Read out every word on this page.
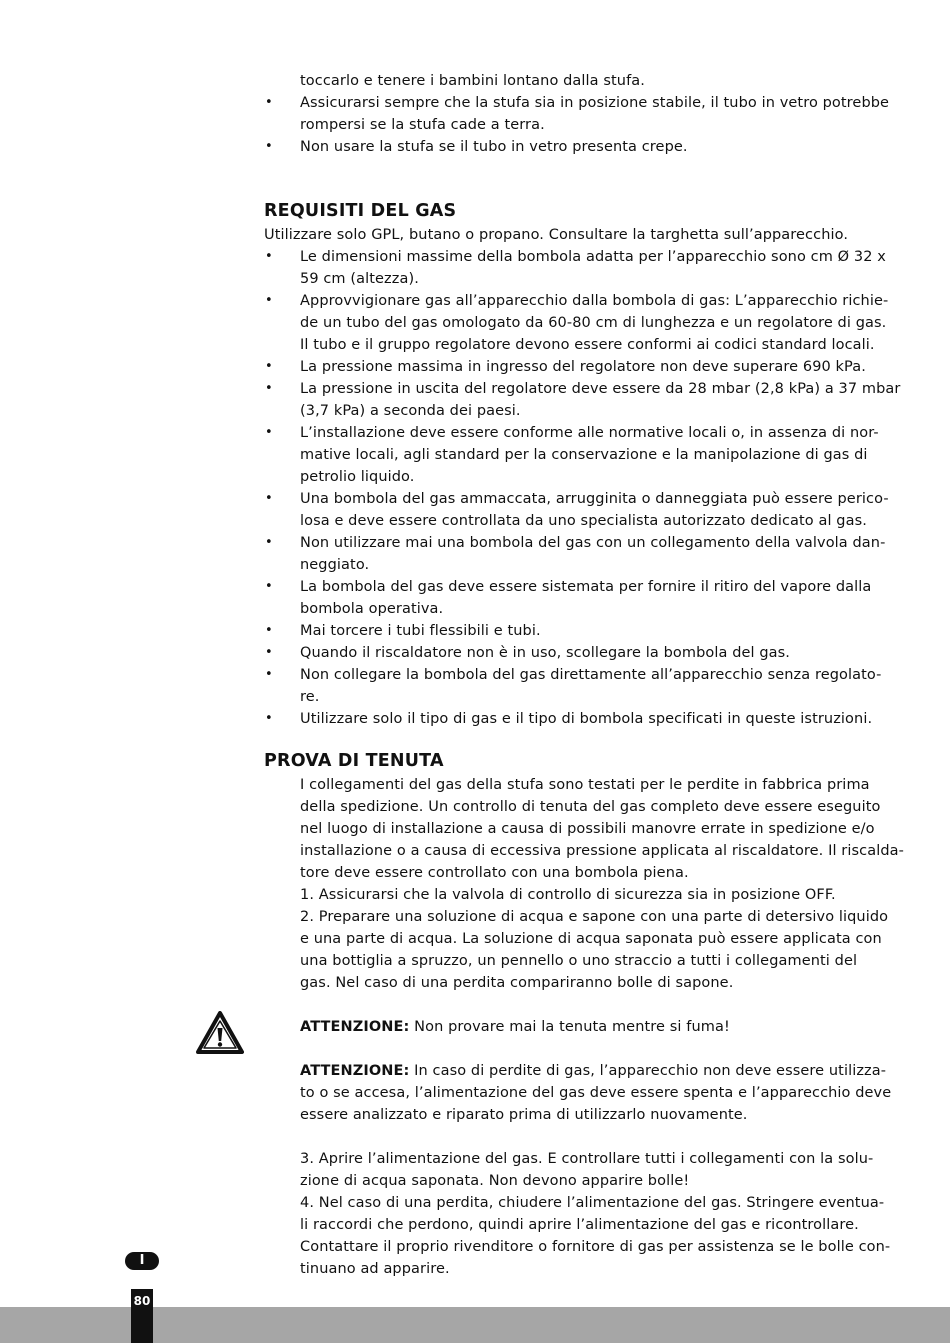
toccarlo e tenere i bambini lontano dalla stufa.
• Assicurarsi sempre che la stufa sia in posizione stabile, il tubo in vetro potrebbe
rompersi se la stufa cade a terra.
• Non usare la stufa se il tubo in vetro presenta crepe.
REQUISITI DEL GAS
Utilizzare solo GPL, butano o propano. Consultare la targhetta sull’apparecchio.
• Le dimensioni massime della bombola adatta per l’apparecchio sono cm Ø 32 x
59 cm (altezza).
• Approvvigionare gas all’apparecchio dalla bombola di gas: L’apparecchio richie-
de un tubo del gas omologato da 60-80 cm di lunghezza e un regolatore di gas.
Il tubo e il gruppo regolatore devono essere conformi ai codici standard locali.
• La pressione massima in ingresso del regolatore non deve superare 690 kPa.
• La pressione in uscita del regolatore deve essere da 28 mbar (2,8 kPa) a 37 mbar
(3,7 kPa) a seconda dei paesi.
• L’installazione deve essere conforme alle normative locali o, in assenza di nor-
mative locali, agli standard per la conservazione e la manipolazione di gas di
petrolio liquido.
• Una bombola del gas ammaccata, arrugginita o danneggiata può essere perico-
losa e deve essere controllata da uno specialista autorizzato dedicato al gas.
• Non utilizzare mai una bombola del gas con un collegamento della valvola dan-
neggiato.
• La bombola del gas deve essere sistemata per fornire il ritiro del vapore dalla
bombola operativa.
• Mai torcere i tubi flessibili e tubi.
• Quando il riscaldatore non è in uso, scollegare la bombola del gas.
• Non collegare la bombola del gas direttamente all’apparecchio senza regolato-
re.
• Utilizzare solo il tipo di gas e il tipo di bombola specificati in queste istruzioni.
PROVA DI TENUTA
I collegamenti del gas della stufa sono testati per le perdite in fabbrica prima
della spedizione. Un controllo di tenuta del gas completo deve essere eseguito
nel luogo di installazione a causa di possibili manovre errate in spedizione e/o
installazione o a causa di eccessiva pressione applicata al riscaldatore. Il riscalda-
tore deve essere controllato con una bombola piena.
1. Assicurarsi che la valvola di controllo di sicurezza sia in posizione OFF.
2. Preparare una soluzione di acqua e sapone con una parte di detersivo liquido
e una parte di acqua. La soluzione di acqua saponata può essere applicata con
una bottiglia a spruzzo, un pennello o uno straccio a tutti i collegamenti del
gas. Nel caso di una perdita compariranno bolle di sapone.
ATTENZIONE: Non provare mai la tenuta mentre si fuma!
ATTENZIONE: In caso di perdite di gas, l’apparecchio non deve essere utilizza-
to o se accesa, l’alimentazione del gas deve essere spenta e l’apparecchio deve
essere analizzato e riparato prima di utilizzarlo nuovamente.
3. Aprire l’alimentazione del gas. E controllare tutti i collegamenti con la solu-
zione di acqua saponata. Non devono apparire bolle!
4. Nel caso di una perdita, chiudere l’alimentazione del gas. Stringere eventua-
li raccordi che perdono, quindi aprire l’alimentazione del gas e ricontrollare.
Contattare il proprio rivenditore o fornitore di gas per assistenza se le bolle con-
tinuano ad apparire.
I
80
